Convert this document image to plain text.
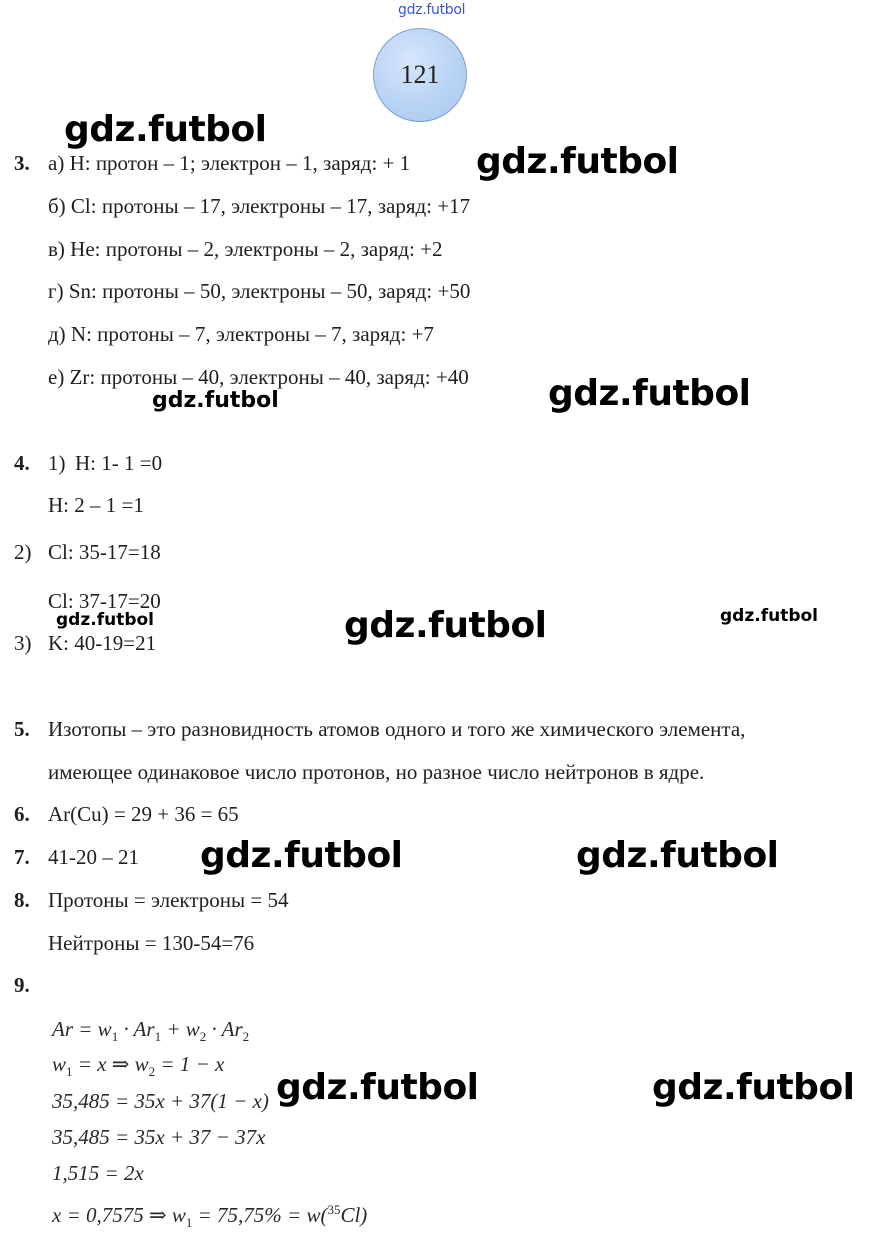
gdz.futbol
121
3. а) H: протон – 1; электрон – 1, заряд: + 1
б) Cl: протоны – 17, электроны – 17, заряд: +17
в) He: протоны – 2, электроны – 2, заряд: +2
г) Sn: протоны – 50, электроны – 50, заряд: +50
д) N: протоны – 7, электроны – 7, заряд: +7
е) Zr: протоны – 40, электроны – 40, заряд: +40
4. 1) H: 1- 1 =0
H: 2 – 1 =1
2) Cl: 35-17=18
Cl: 37-17=20
3) K: 40-19=21
5. Изотопы – это разновидность атомов одного и того же химического элемента,
имеющее одинаковое число протонов, но разное число нейтронов в ядре.
6. Ar(Cu) = 29 + 36 = 65
7. 41-20 – 21
8. Протоны = электроны = 54
Нейтроны = 130-54=76
9.
$Ar = w_1 \cdot Ar_1 + w_2 \cdot Ar_2$
$w_1 = x$ ⇒ $w_2 = 1 - x$
35,485 = 35x + 37(1 − x)
35,485 = 35x + 37 − 37x
1,515 = 2x
x = 0,7575 ⇒ $w_1 = 75,75\% = w(^{35}Cl)$
gdz.futbol
gdz.futbol
gdz.futbol	gdz.futbol
gdz.futbol	gdz.futbol	gdz.futbol
gdz.futbol	gdz.futbol
gdz.futbol	gdz.futbol
